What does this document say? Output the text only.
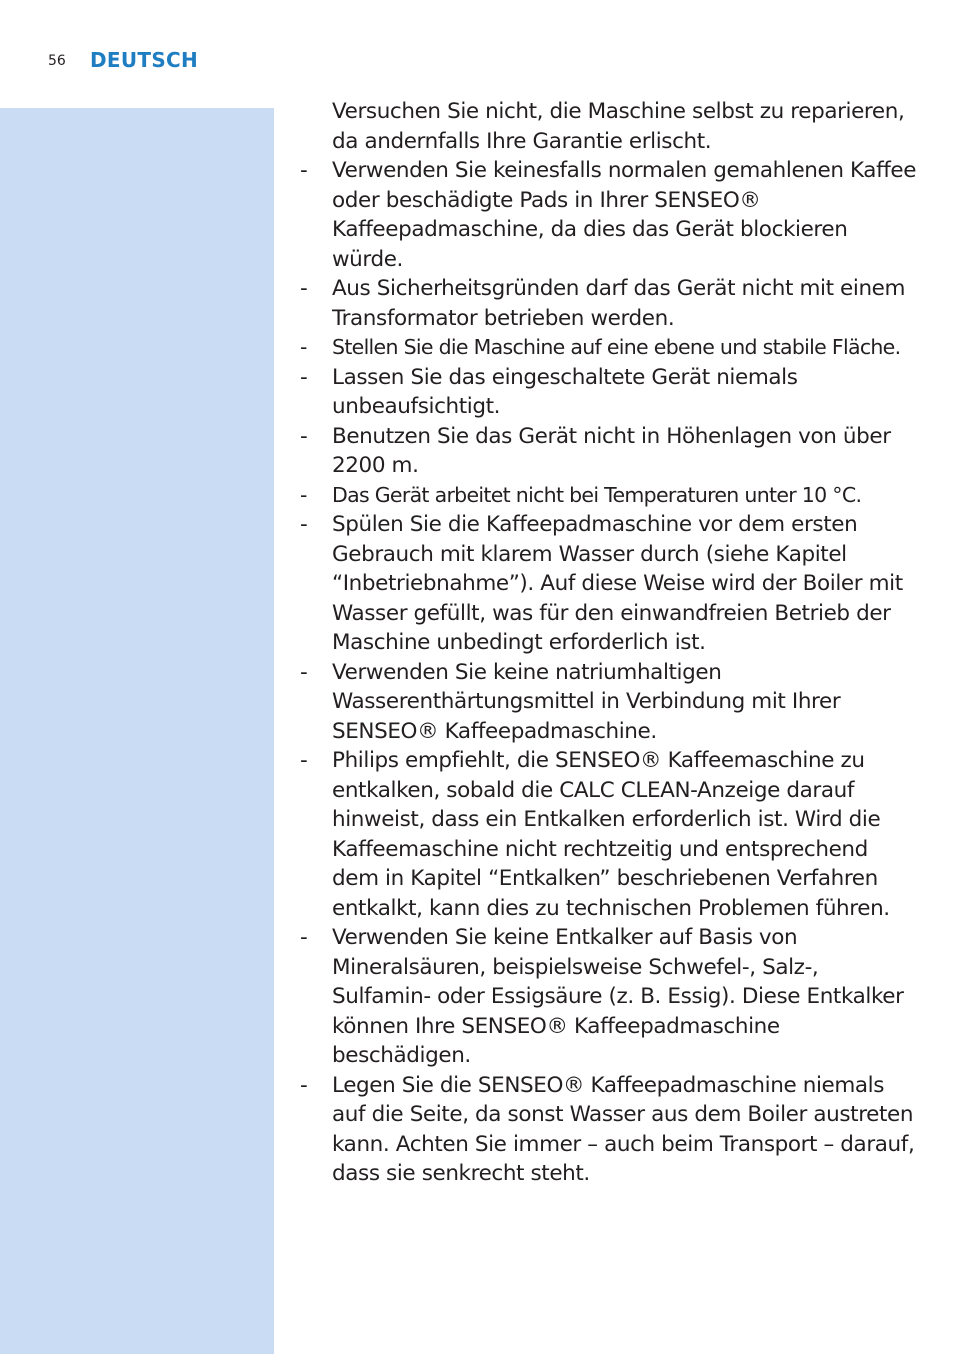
56 DEUTSCH

Versuchen Sie nicht, die Maschine selbst zu reparieren, da andernfalls Ihre Garantie erlischt.

- Verwenden Sie keinesfalls normalen gemahlenen Kaffee oder beschädigte Pads in Ihrer SENSEO® Kaffeepadmaschine, da dies das Gerät blockieren würde.
- Aus Sicherheitsgründen darf das Gerät nicht mit einem Transformator betrieben werden.
- Stellen Sie die Maschine auf eine ebene und stabile Fläche.
- Lassen Sie das eingeschaltete Gerät niemals unbeaufsichtigt.
- Benutzen Sie das Gerät nicht in Höhenlagen von über 2200 m.
- Das Gerät arbeitet nicht bei Temperaturen unter 10 °C.
- Spülen Sie die Kaffeepadmaschine vor dem ersten Gebrauch mit klarem Wasser durch (siehe Kapitel “Inbetriebnahme”). Auf diese Weise wird der Boiler mit Wasser gefüllt, was für den einwandfreien Betrieb der Maschine unbedingt erforderlich ist.
- Verwenden Sie keine natriumhaltigen Wasserenthärtungsmittel in Verbindung mit Ihrer SENSEO® Kaffeepadmaschine.
- Philips empfiehlt, die SENSEO® Kaffeemaschine zu entkalken, sobald die CALC CLEAN-Anzeige darauf hinweist, dass ein Entkalken erforderlich ist. Wird die Kaffeemaschine nicht rechtzeitig und entsprechend dem in Kapitel “Entkalken” beschriebenen Verfahren entkalkt, kann dies zu technischen Problemen führen.
- Verwenden Sie keine Entkalker auf Basis von Mineralsäuren, beispielsweise Schwefel-, Salz-, Sulfamin- oder Essigsäure (z. B. Essig). Diese Entkalker können Ihre SENSEO® Kaffeepadmaschine beschädigen.
- Legen Sie die SENSEO® Kaffeepadmaschine niemals auf die Seite, da sonst Wasser aus dem Boiler austreten kann. Achten Sie immer – auch beim Transport – darauf, dass sie senkrecht steht.
